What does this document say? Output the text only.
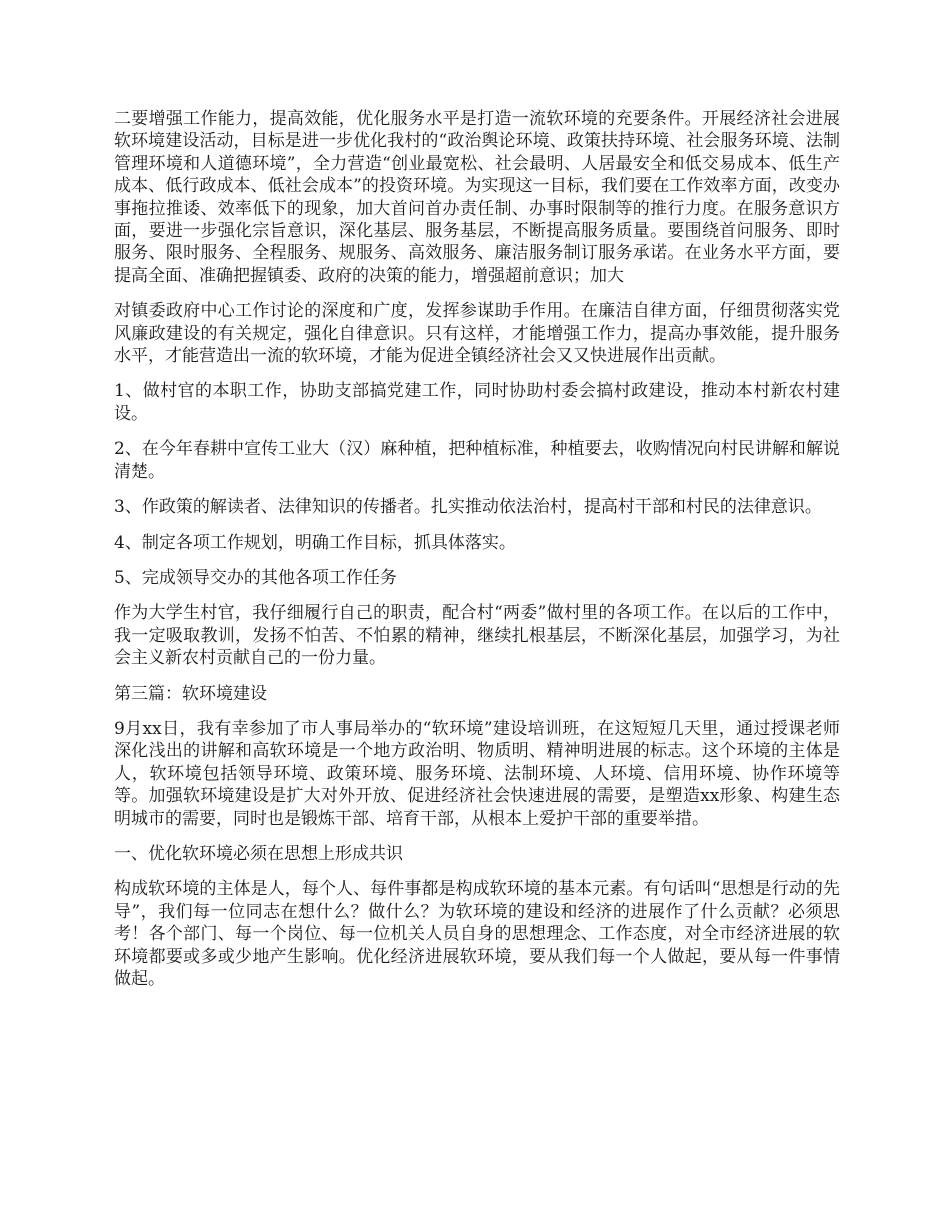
二要增强工作能力，提高效能，优化服务水平是打造一流软环境的充要条件。开展经济社会进展软环境建设活动，目标是进一步优化我村的“政治舆论环境、政策扶持环境、社会服务环境、法制管理环境和人道德环境”，全力营造“创业最宽松、社会最明、人居最安全和低交易成本、低生产成本、低行政成本、低社会成本”的投资环境。为实现这一目标，我们要在工作效率方面，改变办事拖拉推诿、效率低下的现象，加大首问首办责任制、办事时限制等的推行力度。在服务意识方面，要进一步强化宗旨意识，深化基层、服务基层，不断提高服务质量。要围绕首问服务、即时服务、限时服务、全程服务、规服务、高效服务、廉洁服务制订服务承诺。在业务水平方面，要提高全面、准确把握镇委、政府的决策的能力，增强超前意识；加大

对镇委政府中心工作讨论的深度和广度，发挥参谋助手作用。在廉洁自律方面，仔细贯彻落实党风廉政建设的有关规定，强化自律意识。只有这样，才能增强工作力，提高办事效能，提升服务水平，才能营造出一流的软环境，才能为促进全镇经济社会又又快进展作出贡献。

1、做村官的本职工作，协助支部搞党建工作，同时协助村委会搞村政建设，推动本村新农村建设。

2、在今年春耕中宣传工业大（汉）麻种植，把种植标准，种植要去，收购情况向村民讲解和解说清楚。

3、作政策的解读者、法律知识的传播者。扎实推动依法治村，提高村干部和村民的法律意识。

4、制定各项工作规划，明确工作目标，抓具体落实。

5、完成领导交办的其他各项工作任务

作为大学生村官，我仔细履行自己的职责，配合村“两委”做村里的各项工作。在以后的工作中，我一定吸取教训，发扬不怕苦、不怕累的精神，继续扎根基层，不断深化基层，加强学习，为社会主义新农村贡献自己的一份力量。

第三篇：软环境建设

9月xx日，我有幸参加了市人事局举办的“软环境”建设培训班，在这短短几天里，通过授课老师深化浅出的讲解和高软环境是一个地方政治明、物质明、精神明进展的标志。这个环境的主体是人，软环境包括领导环境、政策环境、服务环境、法制环境、人环境、信用环境、协作环境等等。加强软环境建设是扩大对外开放、促进经济社会快速进展的需要，是塑造xx形象、构建生态明城市的需要，同时也是锻炼干部、培育干部，从根本上爱护干部的重要举措。

一、优化软环境必须在思想上形成共识

构成软环境的主体是人，每个人、每件事都是构成软环境的基本元素。有句话叫“思想是行动的先导”，我们每一位同志在想什么？做什么？为软环境的建设和经济的进展作了什么贡献？必须思考！各个部门、每一个岗位、每一位机关人员自身的思想理念、工作态度，对全市经济进展的软环境都要或多或少地产生影响。优化经济进展软环境，要从我们每一个人做起，要从每一件事情做起。
